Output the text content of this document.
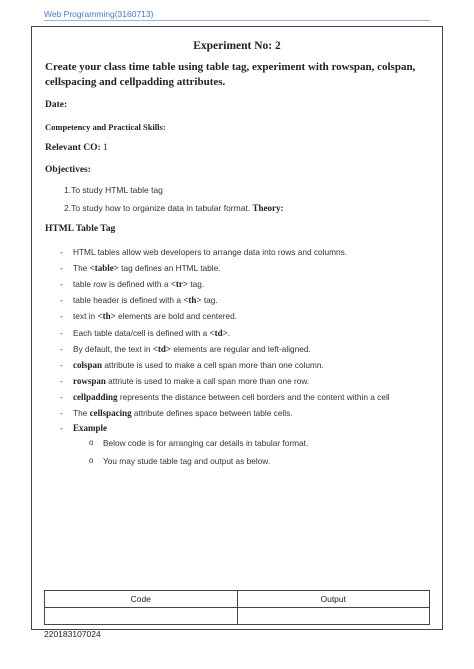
Web Programming(3160713)
Experiment No: 2
Create your class time table using table tag, experiment with rowspan, colspan, cellspacing and cellpadding attributes.
Date:
Competency and Practical Skills:
Relevant CO: 1
Objectives:
1.To study HTML table tag
2.To study how to organize data in tabular format. Theory:
HTML Table Tag
- HTML tables allow web developers to arrange data into rows and columns.
- The <table> tag defines an HTML table.
- table row is defined with a <tr> tag.
- table header is defined with a <th> tag.
- text in <th> elements are bold and centered.
- Each table data/cell is defined with a <td>.
- By default, the text in <td> elements are regular and left-aligned.
- colspan attribute is used to make a cell span more than one column.
- rowspan attriute is used to make a call span more than one row.
- cellpadding represents the distance between cell borders and the content within a cell
- The cellspacing attribute defines space between table cells.
- Example
o Below code is for arranging car details in tabular format.
o You may stude table tag and output as below.
Code	Output

220183107024
